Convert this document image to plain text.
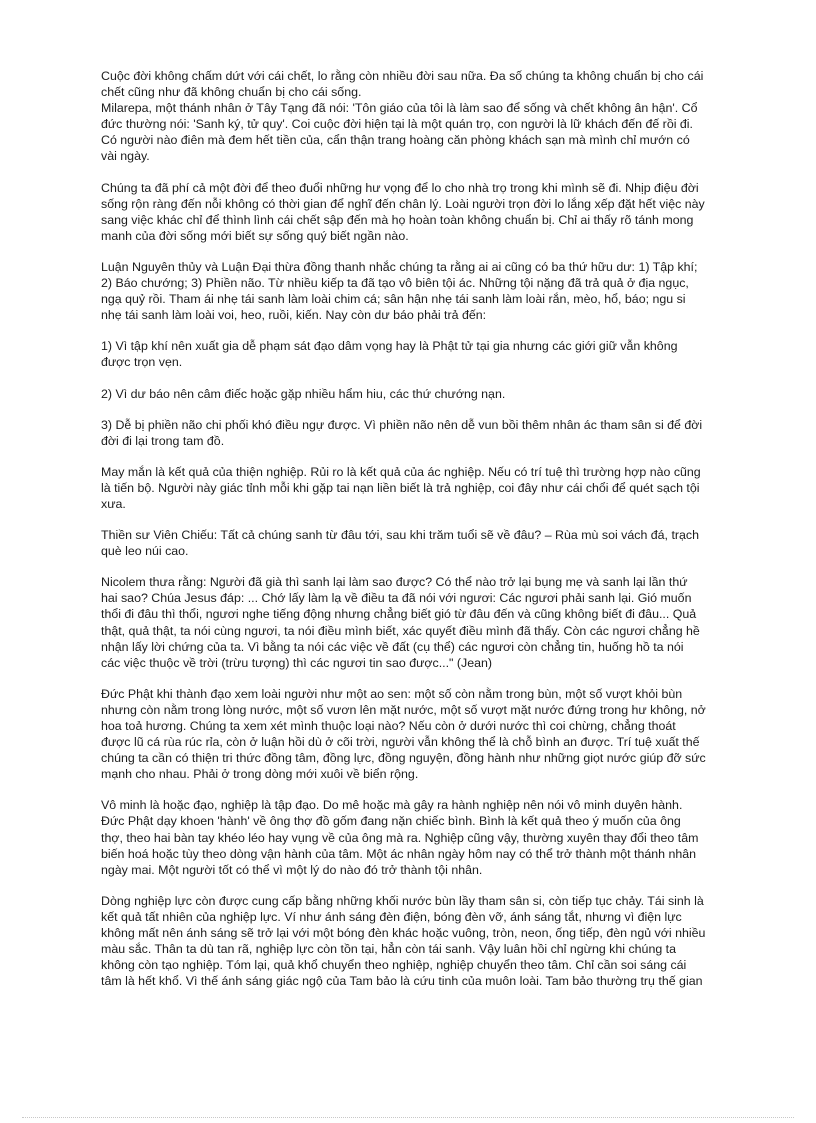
Cuộc đời không chấm dứt với cái chết, lo rằng còn nhiều đời sau nữa. Đa số chúng ta không chuẩn bị cho cái
chết cũng như đã không chuẩn bị cho cái sống.
Milarepa, một thánh nhân ở Tây Tạng đã nói: 'Tôn giáo của tôi là làm sao để sống và chết không ân hận'. Cổ
đức thường nói: 'Sanh ký, tử quy'. Coi cuộc đời hiện tại là một quán trọ, con người là lữ khách đến đế rồi đi.
Có người nào điên mà đem hết tiền của, cẩn thận trang hoàng căn phòng khách sạn mà mình chỉ mướn có
vài ngày.

Chúng ta đã phí cả một đời để theo đuổi những hư vọng để lo cho nhà trọ trong khi mình sẽ đi. Nhịp điệu đời
sống rộn ràng đến nỗi không có thời gian để nghĩ đến chân lý. Loài người trọn đời lo lắng xếp đặt hết việc này
sang việc khác chỉ để thình lình cái chết sập đến mà họ hoàn toàn không chuẩn bị. Chỉ ai thấy rõ tánh mong
manh của đời sống mới biết sự sống quý biết ngần nào.

Luận Nguyên thủy và Luận Đại thừa đồng thanh nhắc chúng ta rằng ai ai cũng có ba thứ hữu dư: 1) Tập khí;
2) Báo chướng; 3) Phiền não. Từ nhiều kiếp ta đã tạo vô biên tội ác. Những tội nặng đã trả quả ở địa ngục,
ngạ quỷ rồi. Tham ái nhẹ tái sanh làm loài chim cá; sân hận nhẹ tái sanh làm loài rắn, mèo, hổ, báo; ngu si
nhẹ tái sanh làm loài voi, heo, ruồi, kiến. Nay còn dư báo phải trả đến:

1) Vì tập khí nên xuất gia dễ phạm sát đạo dâm vọng hay là Phật tử tại gia nhưng các giới giữ vẫn không
được trọn vẹn.

2) Vì dư báo nên câm điếc hoặc gặp nhiều hẩm hiu, các thứ chướng nạn.

3) Dễ bị phiền não chi phối khó điều ngự được. Vì phiền não nên dễ vun bồi thêm nhân ác tham sân si để đời
đời đi lại trong tam đồ.

May mắn là kết quả của thiện nghiệp. Rủi ro là kết quả của ác nghiệp. Nếu có trí tuệ thì trường hợp nào cũng
là tiến bộ. Người này giác tỉnh mỗi khi gặp tai nạn liền biết là trả nghiệp, coi đây như cái chổi để quét sạch tội
xưa.

Thiền sư Viên Chiếu: Tất cả chúng sanh từ đâu tới, sau khi trăm tuổi sẽ về đâu? – Rùa mù soi vách đá, trạch
què leo núi cao.

Nicolem thưa rằng: Người đã già thì sanh lại làm sao được? Có thể nào trở lại bụng mẹ và sanh lại lần thứ
hai sao? Chúa Jesus đáp: ... Chớ lấy làm lạ về điều ta đã nói với ngươi: Các ngươi phải sanh lại. Gió muốn
thổi đi đâu thì thổi, ngươi nghe tiếng động nhưng chẳng biết gió từ đâu đến và cũng không biết đi đâu... Quả
thật, quả thật, ta nói cùng ngươi, ta nói điều mình biết, xác quyết điều mình đã thấy. Còn các ngươi chẳng hề
nhận lấy lời chứng của ta. Vì bằng ta nói các việc về đất (cụ thể) các ngươi còn chẳng tin, huống hồ ta nói
các việc thuộc về trời (trừu tượng) thì các ngươi tin sao được..." (Jean)

Đức Phật khi thành đạo xem loài người như một ao sen: một số còn nằm trong bùn, một số vượt khỏi bùn
nhưng còn nằm trong lòng nước, một số vươn lên mặt nước, một số vượt mặt nước đứng trong hư không, nở
hoa toả hương. Chúng ta xem xét mình thuộc loại nào? Nếu còn ở dưới nước thì coi chừng, chẳng thoát
được lũ cá rùa rúc rỉa, còn ở luận hồi dù ở cõi trời, người vẫn không thể là chỗ bình an được. Trí tuệ xuất thế
chúng ta cần có thiện tri thức đồng tâm, đồng lực, đồng nguyện, đồng hành như những giọt nước giúp đỡ sức
mạnh cho nhau. Phải ở trong dòng mới xuôi về biển rộng.

Vô minh là hoặc đạo, nghiệp là tập đạo. Do mê hoặc mà gây ra hành nghiệp nên nói vô minh duyên hành.
Đức Phật dạy khoen 'hành' về ông thợ đồ gốm đang nặn chiếc bình. Bình là kết quả theo ý muốn của ông
thợ, theo hai bàn tay khéo léo hay vụng về của ông mà ra. Nghiệp cũng vậy, thường xuyên thay đổi theo tâm
biến hoá hoặc tùy theo dòng vận hành của tâm. Một ác nhân ngày hôm nay có thể trở thành một thánh nhân
ngày mai. Một người tốt có thể vì một lý do nào đó trở thành tội nhân.

Dòng nghiệp lực còn được cung cấp bằng những khối nước bùn lầy tham sân si, còn tiếp tục chảy. Tái sinh là
kết quả tất nhiên của nghiệp lực. Ví như ánh sáng đèn điện, bóng đèn vỡ, ánh sáng tắt, nhưng vì điện lực
không mất nên ánh sáng sẽ trở lại với một bóng đèn khác hoặc vuông, tròn, neon, ống tiếp, đèn ngủ với nhiều
màu sắc. Thân ta dù tan rã, nghiệp lực còn tồn tại, hẳn còn tái sanh. Vậy luân hồi chỉ ngừng khi chúng ta
không còn tạo nghiệp. Tóm lại, quả khổ chuyển theo nghiệp, nghiệp chuyển theo tâm. Chỉ cần soi sáng cái
tâm là hết khổ. Vì thế ánh sáng giác ngộ của Tam bảo là cứu tinh của muôn loài. Tam bảo thường trụ thế gian
